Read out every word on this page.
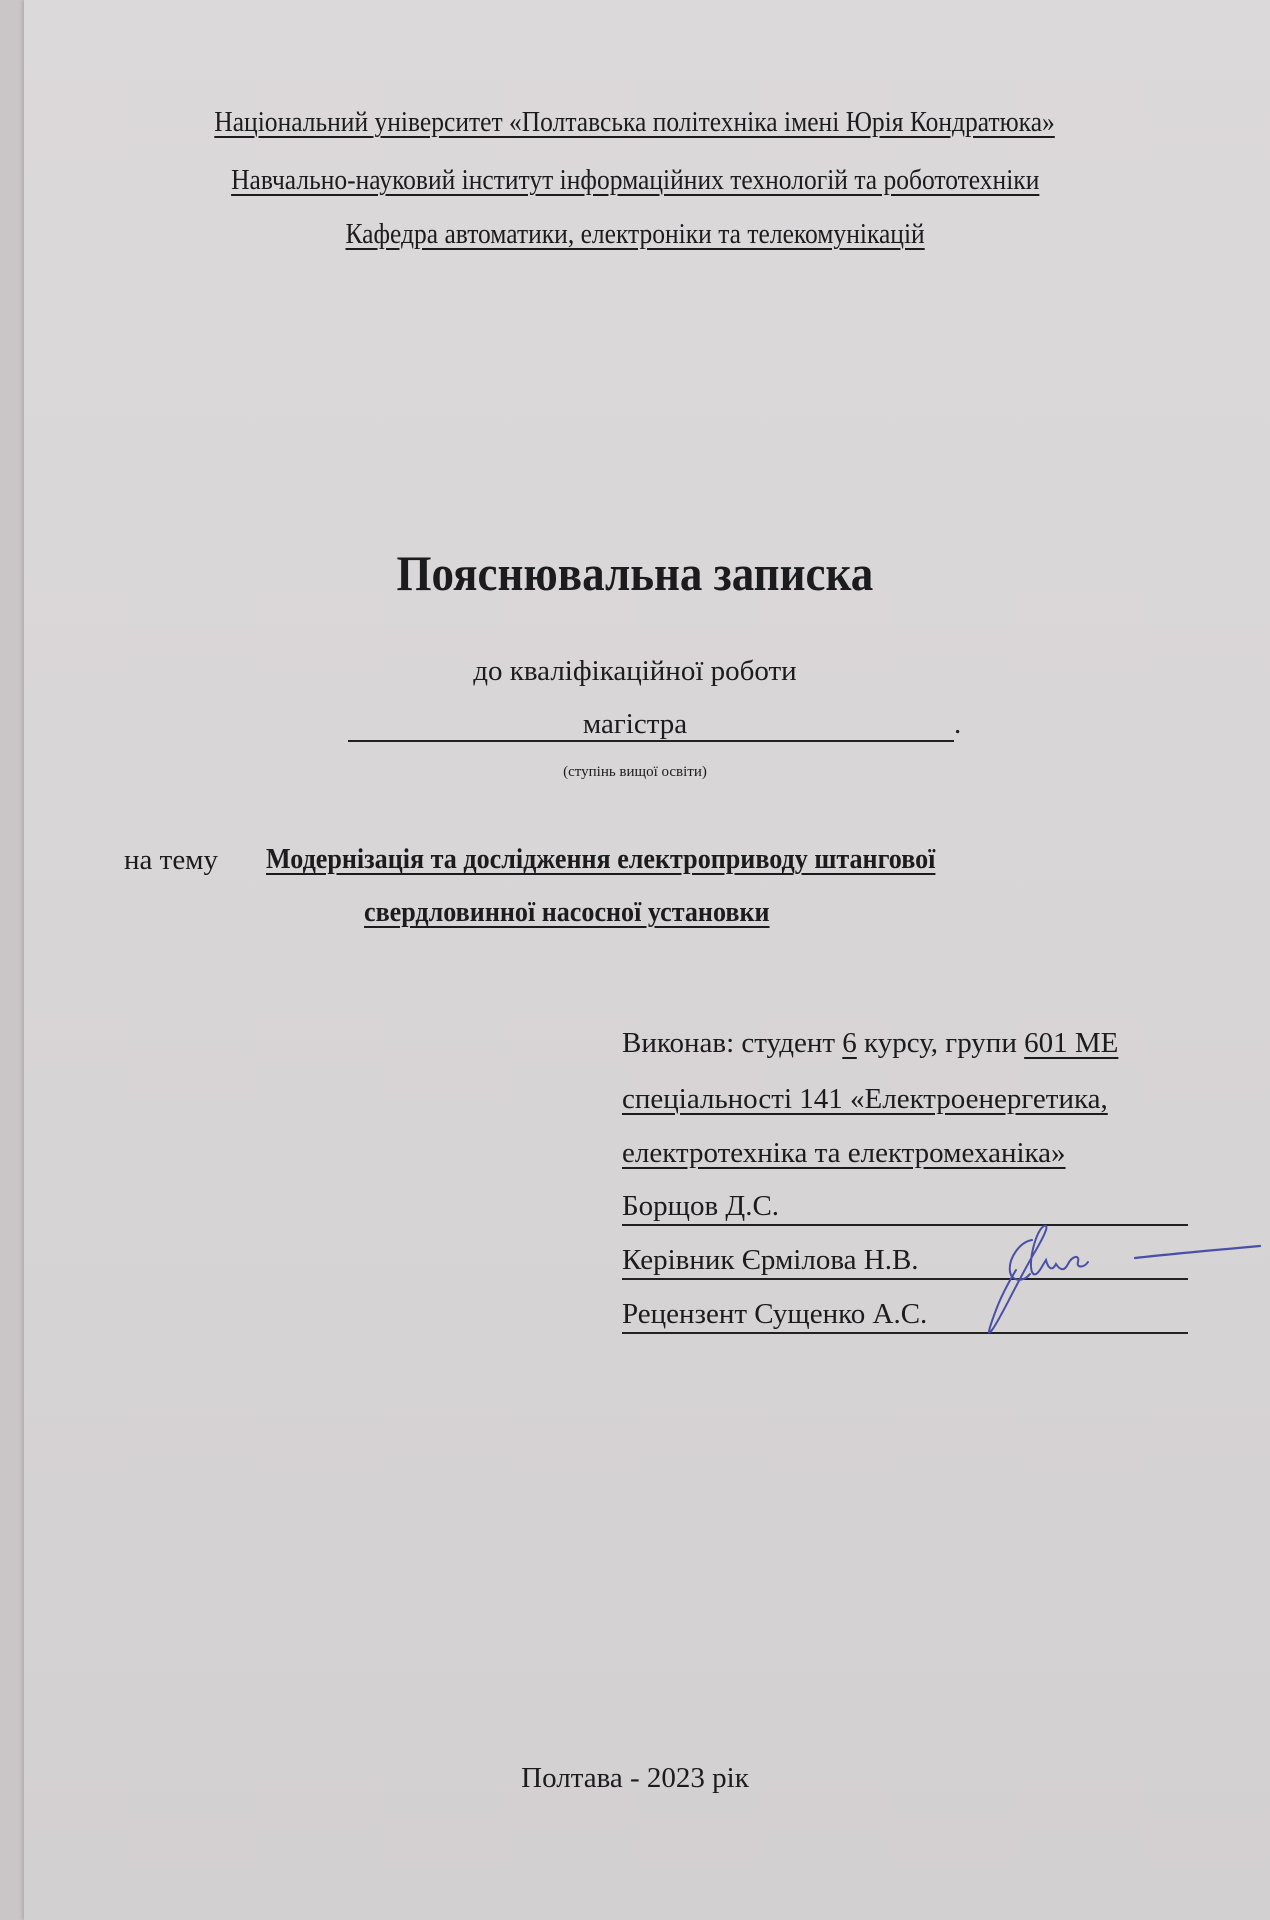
Національний університет «Полтавська політехніка імені Юрія Кондратюка»
Навчально-науковий інститут інформаційних технологій та робототехніки
Кафедра автоматики, електроніки та телекомунікацій
Пояснювальна записка
до кваліфікаційної роботи
магістра	.
(ступінь вищої освіти)
на тему Модернізація та дослідження електроприводу штангової
свердловинної насосної установки
Виконав: студент 6 курсу, групи 601 МЕ
спеціальності 141 «Електроенергетика,
електротехніка та електромеханіка»
Борщов Д.С.
Керівник Єрмілова Н.В.
Рецензент Сущенко А.С.
Полтава - 2023 рік
